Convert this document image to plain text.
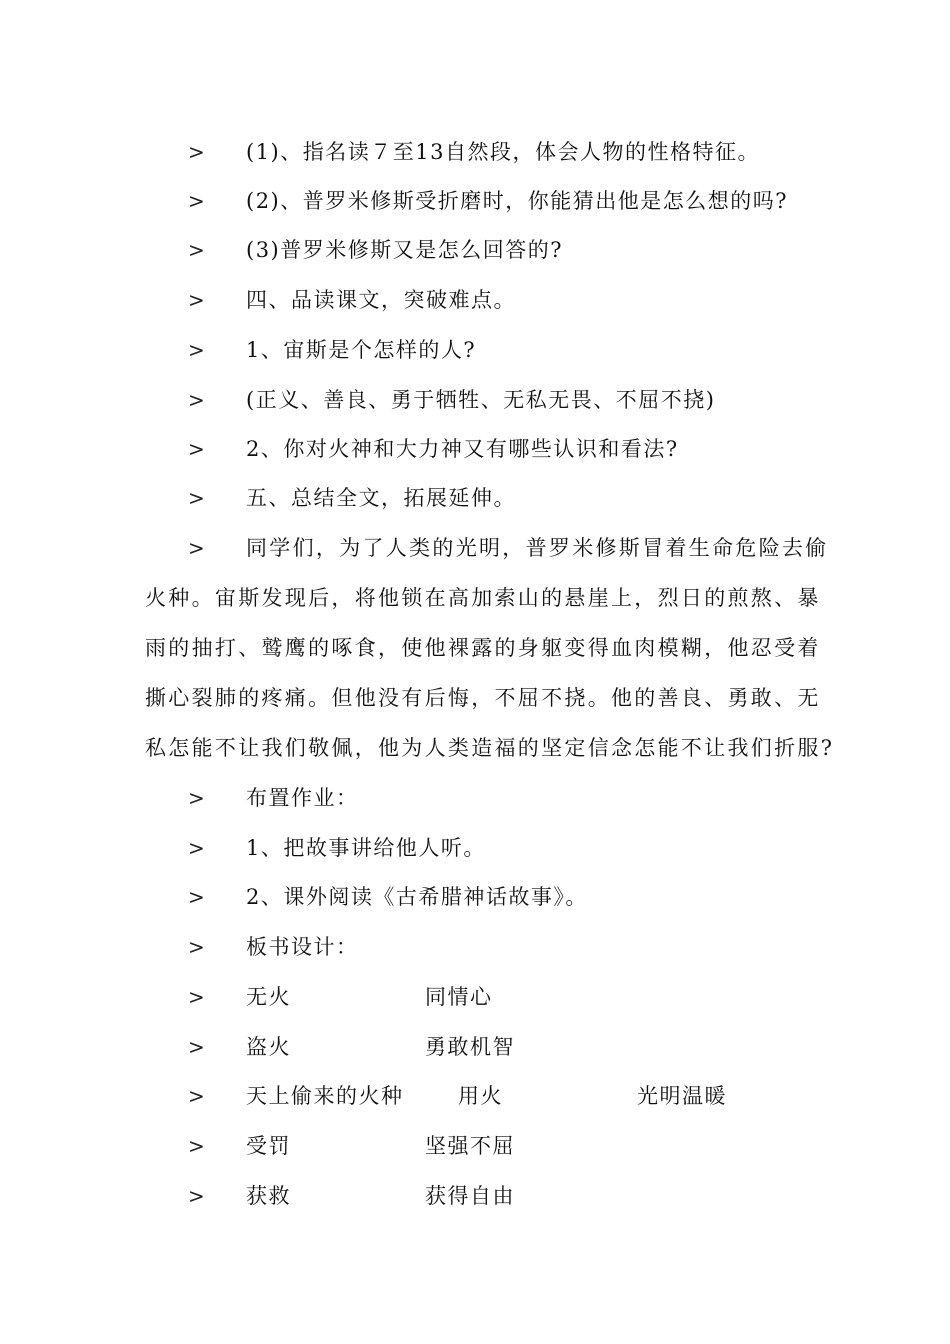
> (1)、指名读７至13自然段，体会人物的性格特征。
> (2)、普罗米修斯受折磨时，你能猜出他是怎么想的吗?
> (3)普罗米修斯又是怎么回答的?
> 四、品读课文，突破难点。
> 1、宙斯是个怎样的人?
> (正义、善良、勇于牺牲、无私无畏、不屈不挠)
> 2、你对火神和大力神又有哪些认识和看法?
> 五、总结全文，拓展延伸。
> 同学们，为了人类的光明，普罗米修斯冒着生命危险去偷
火种。宙斯发现后，将他锁在高加索山的悬崖上，烈日的煎熬、暴
雨的抽打、鹫鹰的啄食，使他裸露的身躯变得血肉模糊，他忍受着
撕心裂肺的疼痛。但他没有后悔，不屈不挠。他的善良、勇敢、无
私怎能不让我们敬佩，他为人类造福的坚定信念怎能不让我们折服?
> 布置作业：
> 1、把故事讲给他人听。
> 2、课外阅读《古希腊神话故事》。
> 板书设计：
> 无火	同情心
> 盗火	勇敢机智
> 天上偷来的火种	用火	光明温暖
> 受罚	坚强不屈
> 获救	获得自由
